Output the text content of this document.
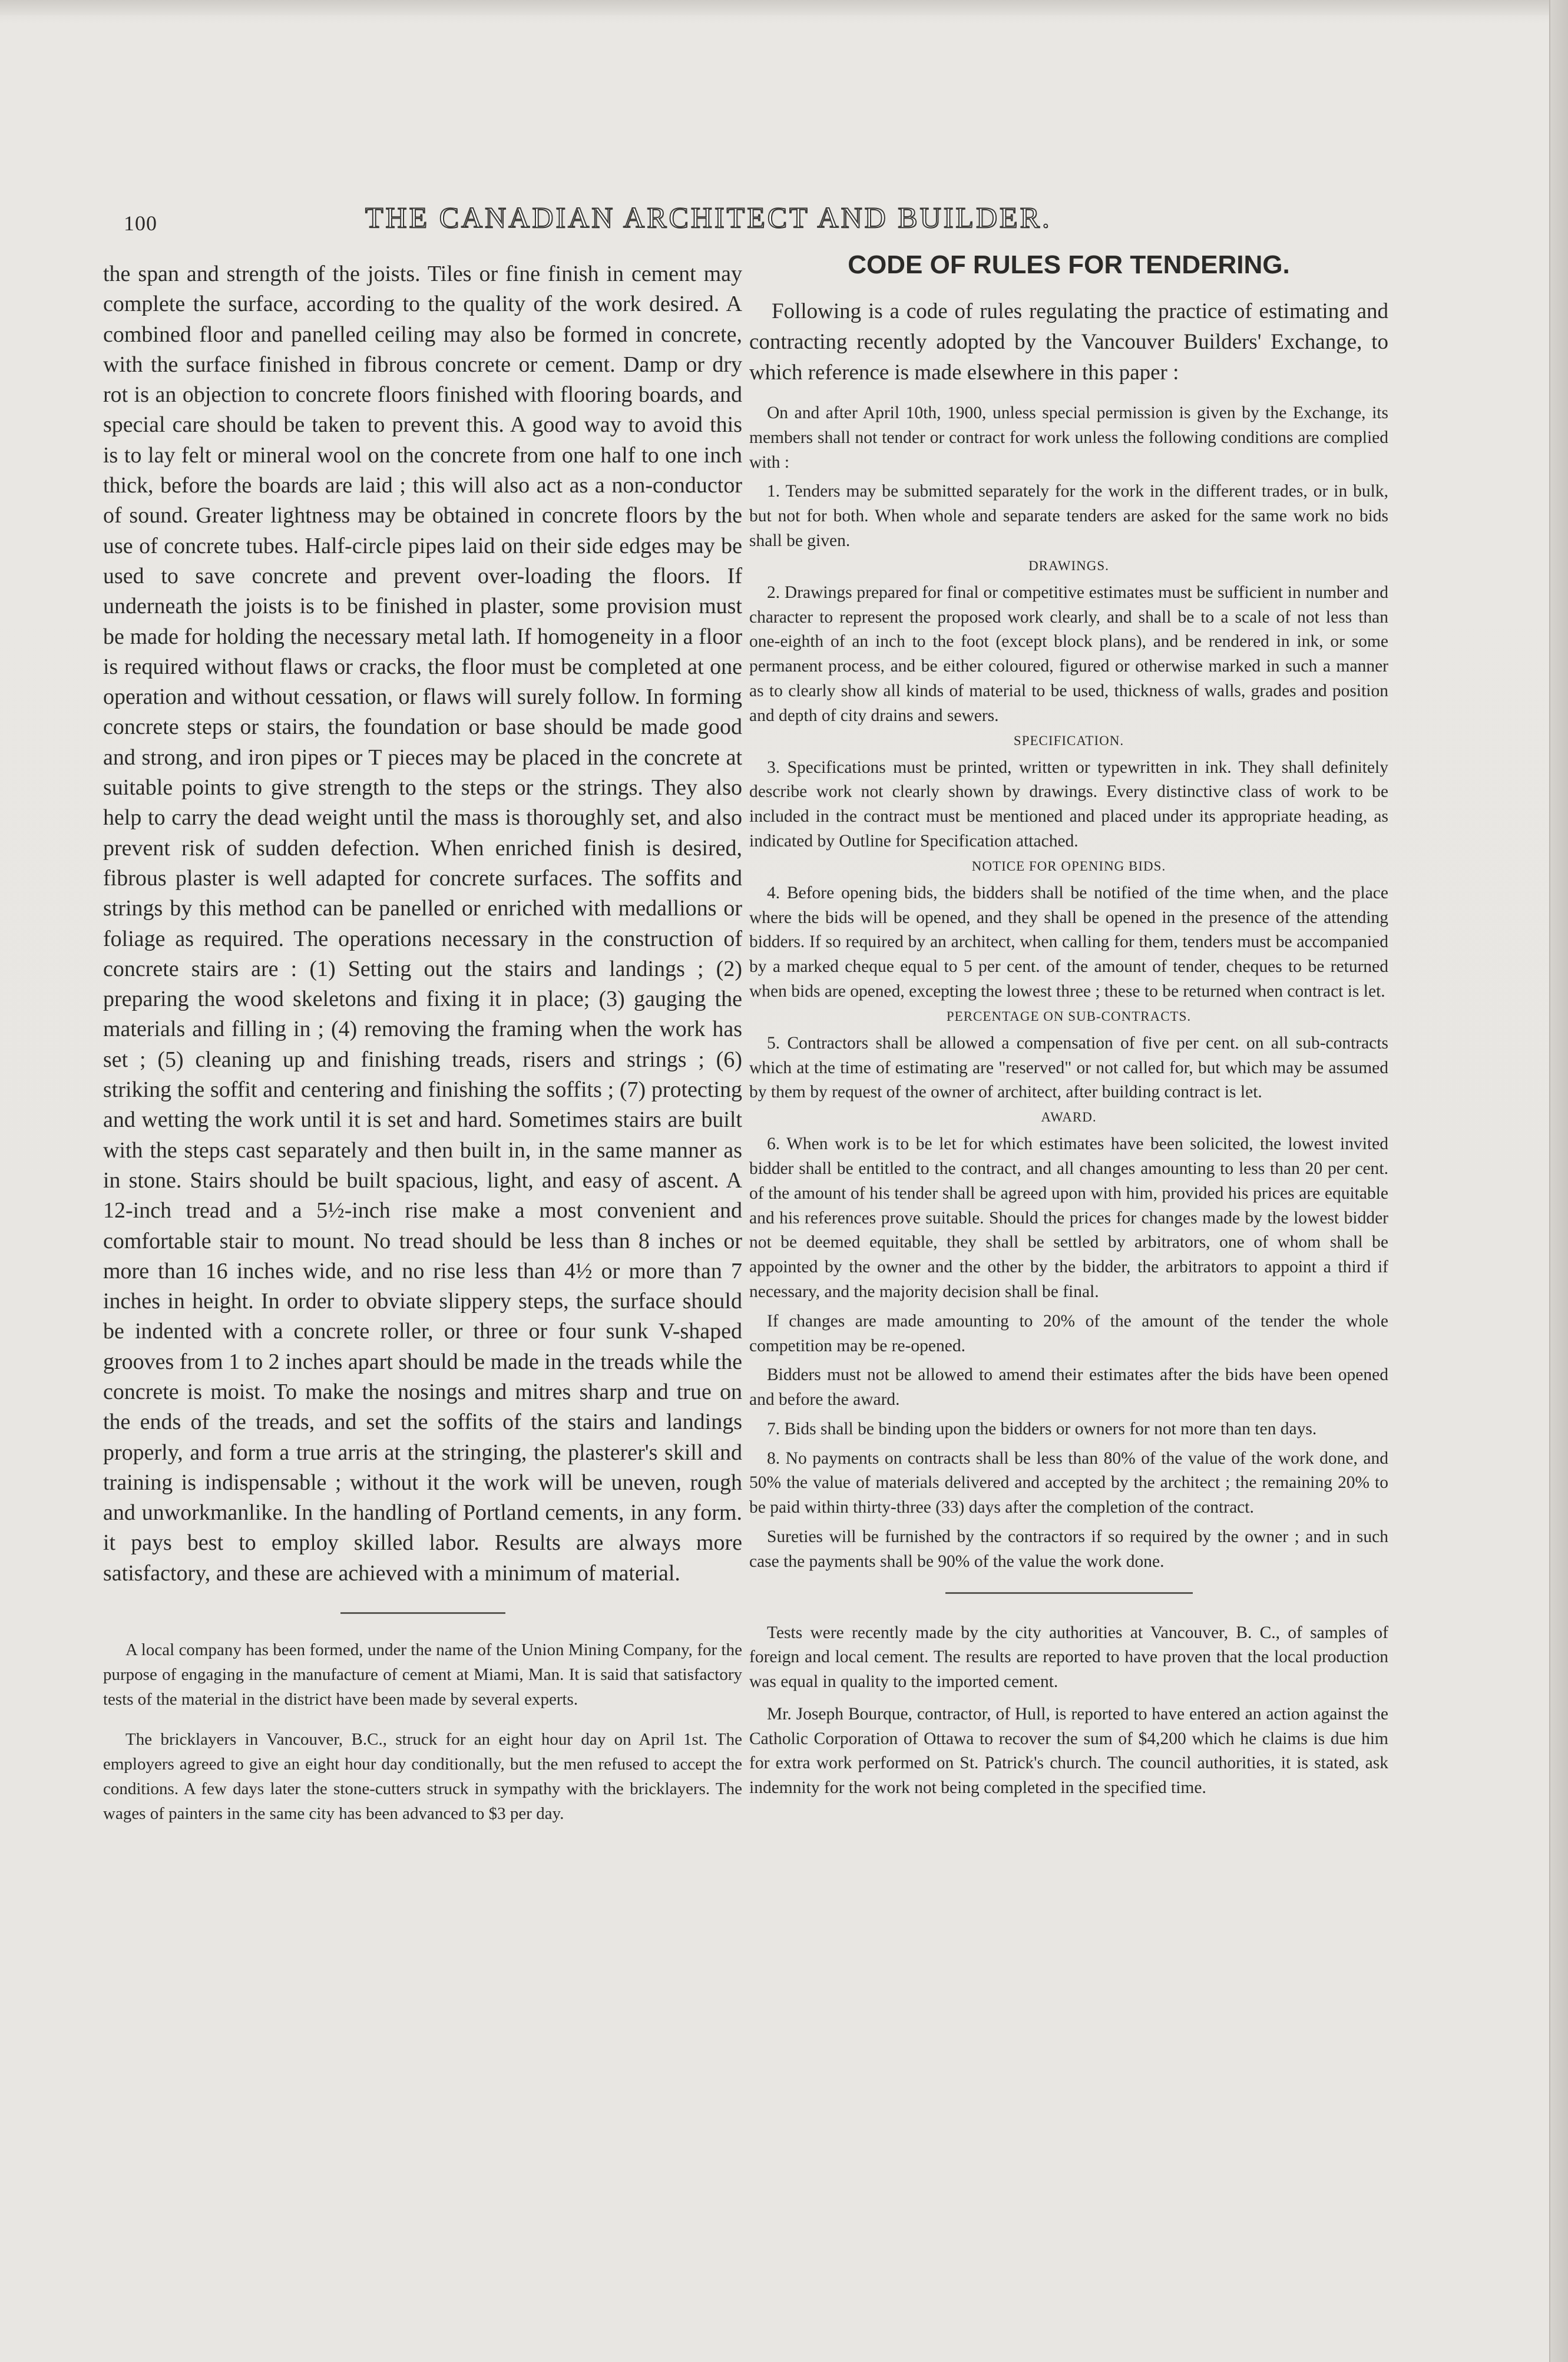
100	THE CANADIAN ARCHITECT AND BUILDER.

the span and strength of the joists. Tiles or fine finish in cement may complete the surface, according to the quality of the work desired. A combined floor and panelled ceiling may also be formed in concrete, with the surface finished in fibrous concrete or cement. Damp or dry rot is an objection to concrete floors finished with flooring boards, and special care should be taken to prevent this. A good way to avoid this is to lay felt or mineral wool on the concrete from one half to one inch thick, before the boards are laid ; this will also act as a non-conductor of sound. Greater lightness may be obtained in concrete floors by the use of concrete tubes. Half-circle pipes laid on their side edges may be used to save concrete and prevent over-loading the floors. If underneath the joists is to be finished in plaster, some provision must be made for holding the necessary metal lath. If homogeneity in a floor is required without flaws or cracks, the floor must be completed at one operation and without cessation, or flaws will surely follow. In forming concrete steps or stairs, the foundation or base should be made good and strong, and iron pipes or T pieces may be placed in the concrete at suitable points to give strength to the steps or the strings. They also help to carry the dead weight until the mass is thoroughly set, and also prevent risk of sudden defection. When enriched finish is desired, fibrous plaster is well adapted for concrete surfaces. The soffits and strings by this method can be panelled or enriched with medallions or foliage as required. The operations necessary in the construction of concrete stairs are : (1) Setting out the stairs and landings ; (2) preparing the wood skeletons and fixing it in place; (3) gauging the materials and filling in ; (4) removing the framing when the work has set ; (5) cleaning up and finishing treads, risers and strings ; (6) striking the soffit and centering and finishing the soffits ; (7) protecting and wetting the work until it is set and hard. Sometimes stairs are built with the steps cast separately and then built in, in the same manner as in stone. Stairs should be built spacious, light, and easy of ascent. A 12-inch tread and a 5½-inch rise make a most convenient and comfortable stair to mount. No tread should be less than 8 inches or more than 16 inches wide, and no rise less than 4½ or more than 7 inches in height. In order to obviate slippery steps, the surface should be indented with a concrete roller, or three or four sunk V-shaped grooves from 1 to 2 inches apart should be made in the treads while the concrete is moist. To make the nosings and mitres sharp and true on the ends of the treads, and set the soffits of the stairs and landings properly, and form a true arris at the stringing, the plasterer's skill and training is indispensable ; without it the work will be uneven, rough and unworkmanlike. In the handling of Portland cements, in any form. it pays best to employ skilled labor. Results are always more satisfactory, and these are achieved with a minimum of material.

A local company has been formed, under the name of the Union Mining Company, for the purpose of engaging in the manufacture of cement at Miami, Man. It is said that satisfactory tests of the material in the district have been made by several experts.

The bricklayers in Vancouver, B.C., struck for an eight hour day on April 1st. The employers agreed to give an eight hour day conditionally, but the men refused to accept the conditions. A few days later the stone-cutters struck in sympathy with the bricklayers. The wages of painters in the same city has been advanced to $3 per day.

CODE OF RULES FOR TENDERING.

Following is a code of rules regulating the practice of estimating and contracting recently adopted by the Vancouver Builders' Exchange, to which reference is made elsewhere in this paper :

On and after April 10th, 1900, unless special permission is given by the Exchange, its members shall not tender or contract for work unless the following conditions are complied with :

1. Tenders may be submitted separately for the work in the different trades, or in bulk, but not for both. When whole and separate tenders are asked for the same work no bids shall be given.

DRAWINGS.

2. Drawings prepared for final or competitive estimates must be sufficient in number and character to represent the proposed work clearly, and shall be to a scale of not less than one-eighth of an inch to the foot (except block plans), and be rendered in ink, or some permanent process, and be either coloured, figured or otherwise marked in such a manner as to clearly show all kinds of material to be used, thickness of walls, grades and position and depth of city drains and sewers.

SPECIFICATION.

3. Specifications must be printed, written or typewritten in ink. They shall definitely describe work not clearly shown by drawings. Every distinctive class of work to be included in the contract must be mentioned and placed under its appropriate heading, as indicated by Outline for Specification attached.

NOTICE FOR OPENING BIDS.

4. Before opening bids, the bidders shall be notified of the time when, and the place where the bids will be opened, and they shall be opened in the presence of the attending bidders. If so required by an architect, when calling for them, tenders must be accompanied by a marked cheque equal to 5 per cent. of the amount of tender, cheques to be returned when bids are opened, excepting the lowest three ; these to be returned when contract is let.

PERCENTAGE ON SUB-CONTRACTS.

5. Contractors shall be allowed a compensation of five per cent. on all sub-contracts which at the time of estimating are "reserved" or not called for, but which may be assumed by them by request of the owner of architect, after building contract is let.

AWARD.

6. When work is to be let for which estimates have been solicited, the lowest invited bidder shall be entitled to the contract, and all changes amounting to less than 20 per cent. of the amount of his tender shall be agreed upon with him, provided his prices are equitable and his references prove suitable. Should the prices for changes made by the lowest bidder not be deemed equitable, they shall be settled by arbitrators, one of whom shall be appointed by the owner and the other by the bidder, the arbitrators to appoint a third if necessary, and the majority decision shall be final.

If changes are made amounting to 20% of the amount of the tender the whole competition may be re-opened.

Bidders must not be allowed to amend their estimates after the bids have been opened and before the award.

7. Bids shall be binding upon the bidders or owners for not more than ten days.

8. No payments on contracts shall be less than 80% of the value of the work done, and 50% the value of materials delivered and accepted by the architect ; the remaining 20% to be paid within thirty-three (33) days after the completion of the contract.

Sureties will be furnished by the contractors if so required by the owner ; and in such case the payments shall be 90% of the value the work done.

Tests were recently made by the city authorities at Vancouver, B. C., of samples of foreign and local cement. The results are reported to have proven that the local production was equal in quality to the imported cement.

Mr. Joseph Bourque, contractor, of Hull, is reported to have entered an action against the Catholic Corporation of Ottawa to recover the sum of $4,200 which he claims is due him for extra work performed on St. Patrick's church. The council authorities, it is stated, ask indemnity for the work not being completed in the specified time.
